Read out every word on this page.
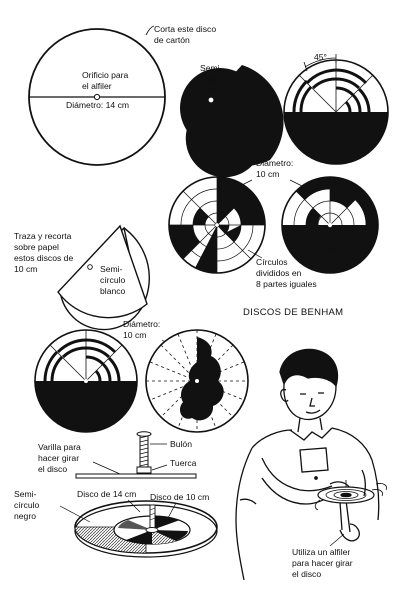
Corta este disco
de cartón
Orificio para
el alfiler
Diámetro: 14 cm
Semi-
círculo
negro
45°
Diámetro:
10 cm
Círculos
divididos en
8 partes iguales
Traza y recorta
sobre papel
estos discos de
10 cm	Semi-
círculo
blanco
DISCOS DE BENHAM
Diámetro:
10 cm
Varilla para
hacer girar
el disco
Bulón
Tuerca
Disco de 14 cm Disco de 10 cm
Semi-
círculo
negro
Utiliza un alfiler
para hacer girar
el disco
